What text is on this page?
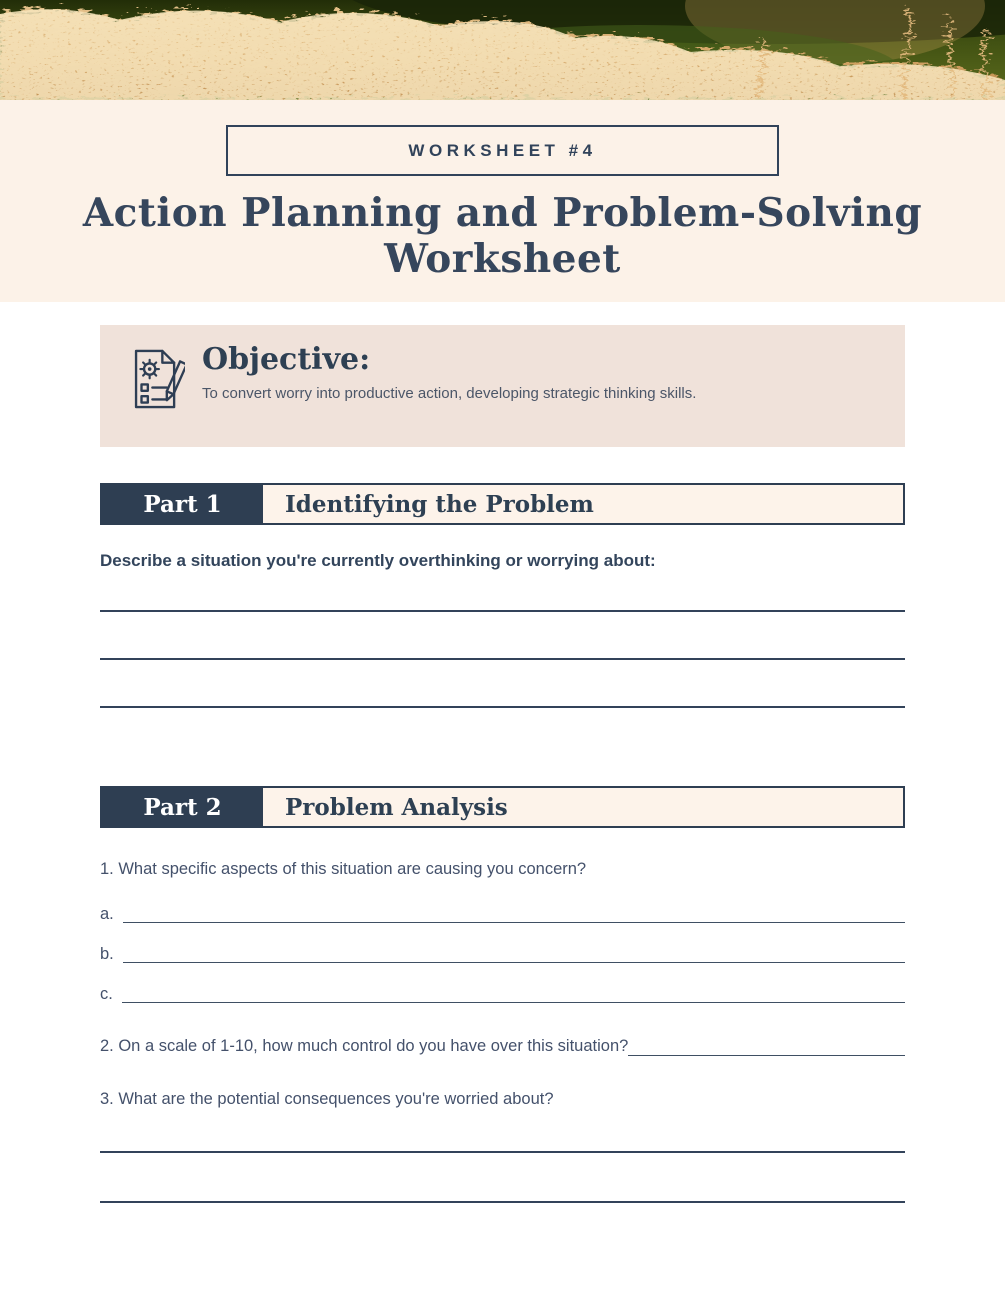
WORKSHEET #4
Action Planning and Problem-Solving Worksheet
Objective:
To convert worry into productive action, developing strategic thinking skills.
Part 1	Identifying the Problem
Describe a situation you're currently overthinking or worrying about:
Part 2	Problem Analysis
1. What specific aspects of this situation are causing you concern?
a.
b.
c.
2. On a scale of 1-10, how much control do you have over this situation?
3. What are the potential consequences you're worried about?
